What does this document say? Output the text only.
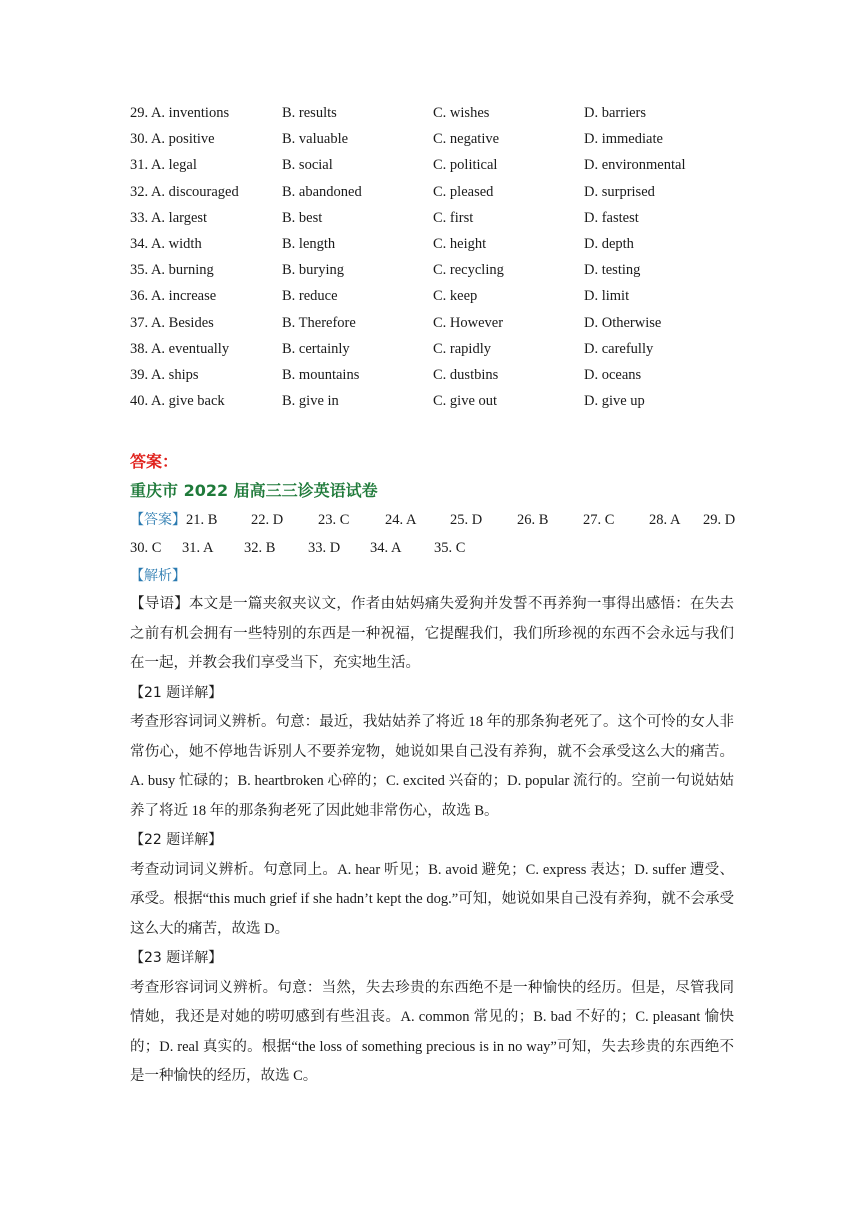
29. A. inventions	B. results	C. wishes	D. barriers
30. A. positive	B. valuable	C. negative	D. immediate
31. A. legal	B. social	C. political	D. environmental
32. A. discouraged	B. abandoned	C. pleased	D. surprised
33. A. largest	B. best	C. first	D. fastest
34. A. width	B. length	C. height	D. depth
35. A. burning	B. burying	C. recycling	D. testing
36. A. increase	B. reduce	C. keep	D. limit
37. A. Besides	B. Therefore	C. However	D. Otherwise
38. A. eventually	B. certainly	C. rapidly	D. carefully
39. A. ships	B. mountains	C. dustbins	D. oceans
40. A. give back	B. give in	C. give out	D. give up
答案：
重庆市 2022 届高三三诊英语试卷
【答案】21. B 22. D 23. C 24. A 25. D 26. B 27. C 28. A 29. D
30. C 31. A 32. B 33. D 34. A 35. C
【解析】

【导语】本文是一篇夹叙夹议文，作者由姑妈痛失爱狗并发誓不再养狗一事得出感悟：在失去之前有机会拥有一些特别的东西是一种祝福，它提醒我们，我们所珍视的东西不会永远与我们在一起，并教会我们享受当下，充实地生活。

【21 题详解】

考查形容词词义辨析。句意：最近，我姑姑养了将近 18 年的那条狗老死了。这个可怜的女人非常伤心，她不停地告诉别人不要养宠物，她说如果自己没有养狗，就不会承受这么大的痛苦。A. busy 忙碌的；B. heartbroken 心碎的；C. excited 兴奋的；D. popular 流行的。空前一句说姑姑养了将近 18 年的那条狗老死了因此她非常伤心，故选 B。

【22 题详解】

考查动词词义辨析。句意同上。A. hear 听见；B. avoid 避免；C. express 表达；D. suffer 遭受、承受。根据“this much grief if she hadn’t kept the dog.”可知，她说如果自己没有养狗，就不会承受这么大的痛苦，故选 D。

【23 题详解】

考查形容词词义辨析。句意：当然，失去珍贵的东西绝不是一种愉快的经历。但是，尽管我同情她，我还是对她的唠叨感到有些沮丧。A. common 常见的；B. bad 不好的；C. pleasant 愉快的；D. real 真实的。根据“the loss of something precious is in no way”可知，失去珍贵的东西绝不是一种愉快的经历，故选 C。
